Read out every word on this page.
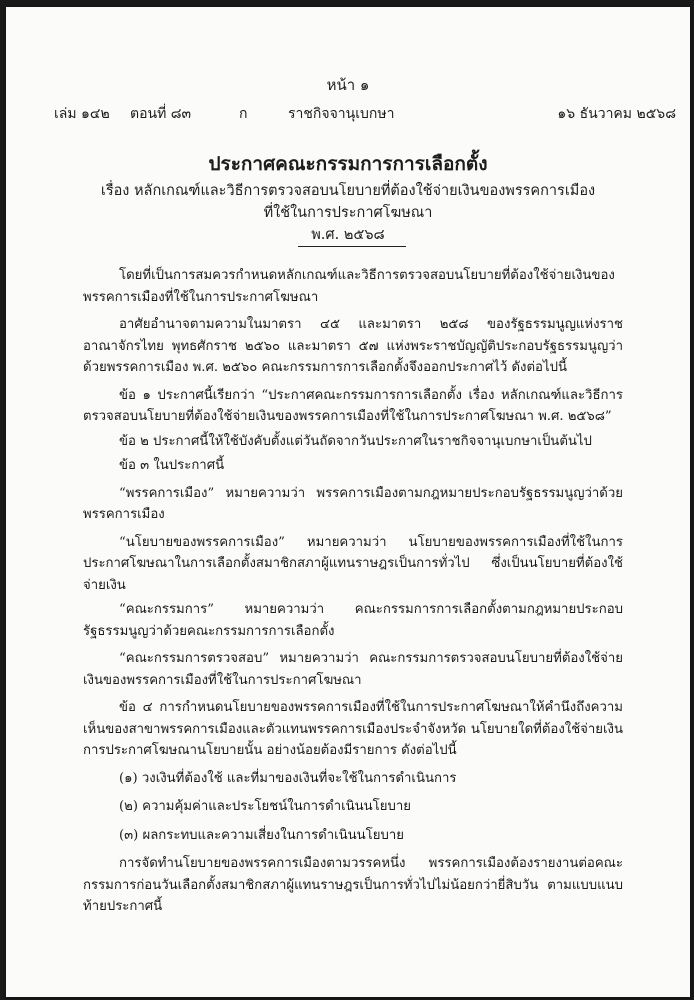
หน้า ๑
เล่ม ๑๔๒ ตอนที่ ๘๓	ก	ราชกิจจานุเบกษา	๑๖ ธันวาคม ๒๕๖๘
ประกาศคณะกรรมการการเลือกตั้ง
เรื่อง หลักเกณฑ์และวิธีการตรวจสอบนโยบายที่ต้องใช้จ่ายเงินของพรรคการเมือง
ที่ใช้ในการประกาศโฆษณา
พ.ศ. ๒๕๖๘

โดยที่เป็นการสมควรกำหนดหลักเกณฑ์และวิธีการตรวจสอบนโยบายที่ต้องใช้จ่ายเงินของพรรคการเมืองที่ใช้ในการประกาศโฆษณา

อาศัยอำนาจตามความในมาตรา ๔๕ และมาตรา ๒๕๘ ของรัฐธรรมนูญแห่งราชอาณาจักรไทย พุทธศักราช ๒๕๖๐ และมาตรา ๕๗ แห่งพระราชบัญญัติประกอบรัฐธรรมนูญว่าด้วยพรรคการเมือง พ.ศ. ๒๕๖๐ คณะกรรมการการเลือกตั้งจึงออกประกาศไว้ ดังต่อไปนี้

ข้อ ๑ ประกาศนี้เรียกว่า “ประกาศคณะกรรมการการเลือกตั้ง เรื่อง หลักเกณฑ์และวิธีการตรวจสอบนโยบายที่ต้องใช้จ่ายเงินของพรรคการเมืองที่ใช้ในการประกาศโฆษณา พ.ศ. ๒๕๖๘”

ข้อ ๒ ประกาศนี้ให้ใช้บังคับตั้งแต่วันถัดจากวันประกาศในราชกิจจานุเบกษาเป็นต้นไป

ข้อ ๓ ในประกาศนี้

“พรรคการเมือง” หมายความว่า พรรคการเมืองตามกฎหมายประกอบรัฐธรรมนูญว่าด้วยพรรคการเมือง

“นโยบายของพรรคการเมือง” หมายความว่า นโยบายของพรรคการเมืองที่ใช้ในการประกาศโฆษณาในการเลือกตั้งสมาชิกสภาผู้แทนราษฎรเป็นการทั่วไป ซึ่งเป็นนโยบายที่ต้องใช้จ่ายเงิน

“คณะกรรมการ” หมายความว่า คณะกรรมการการเลือกตั้งตามกฎหมายประกอบรัฐธรรมนูญว่าด้วยคณะกรรมการการเลือกตั้ง

“คณะกรรมการตรวจสอบ” หมายความว่า คณะกรรมการตรวจสอบนโยบายที่ต้องใช้จ่ายเงินของพรรคการเมืองที่ใช้ในการประกาศโฆษณา

ข้อ ๔ การกำหนดนโยบายของพรรคการเมืองที่ใช้ในการประกาศโฆษณาให้คำนึงถึงความเห็นของสาขาพรรคการเมืองและตัวแทนพรรคการเมืองประจำจังหวัด นโยบายใดที่ต้องใช้จ่ายเงิน การประกาศโฆษณานโยบายนั้น อย่างน้อยต้องมีรายการ ดังต่อไปนี้

(๑) วงเงินที่ต้องใช้ และที่มาของเงินที่จะใช้ในการดำเนินการ

(๒) ความคุ้มค่าและประโยชน์ในการดำเนินนโยบาย

(๓) ผลกระทบและความเสี่ยงในการดำเนินนโยบาย

การจัดทำนโยบายของพรรคการเมืองตามวรรคหนึ่ง พรรคการเมืองต้องรายงานต่อคณะกรรมการก่อนวันเลือกตั้งสมาชิกสภาผู้แทนราษฎรเป็นการทั่วไปไม่น้อยกว่ายี่สิบวัน ตามแบบแนบท้ายประกาศนี้
